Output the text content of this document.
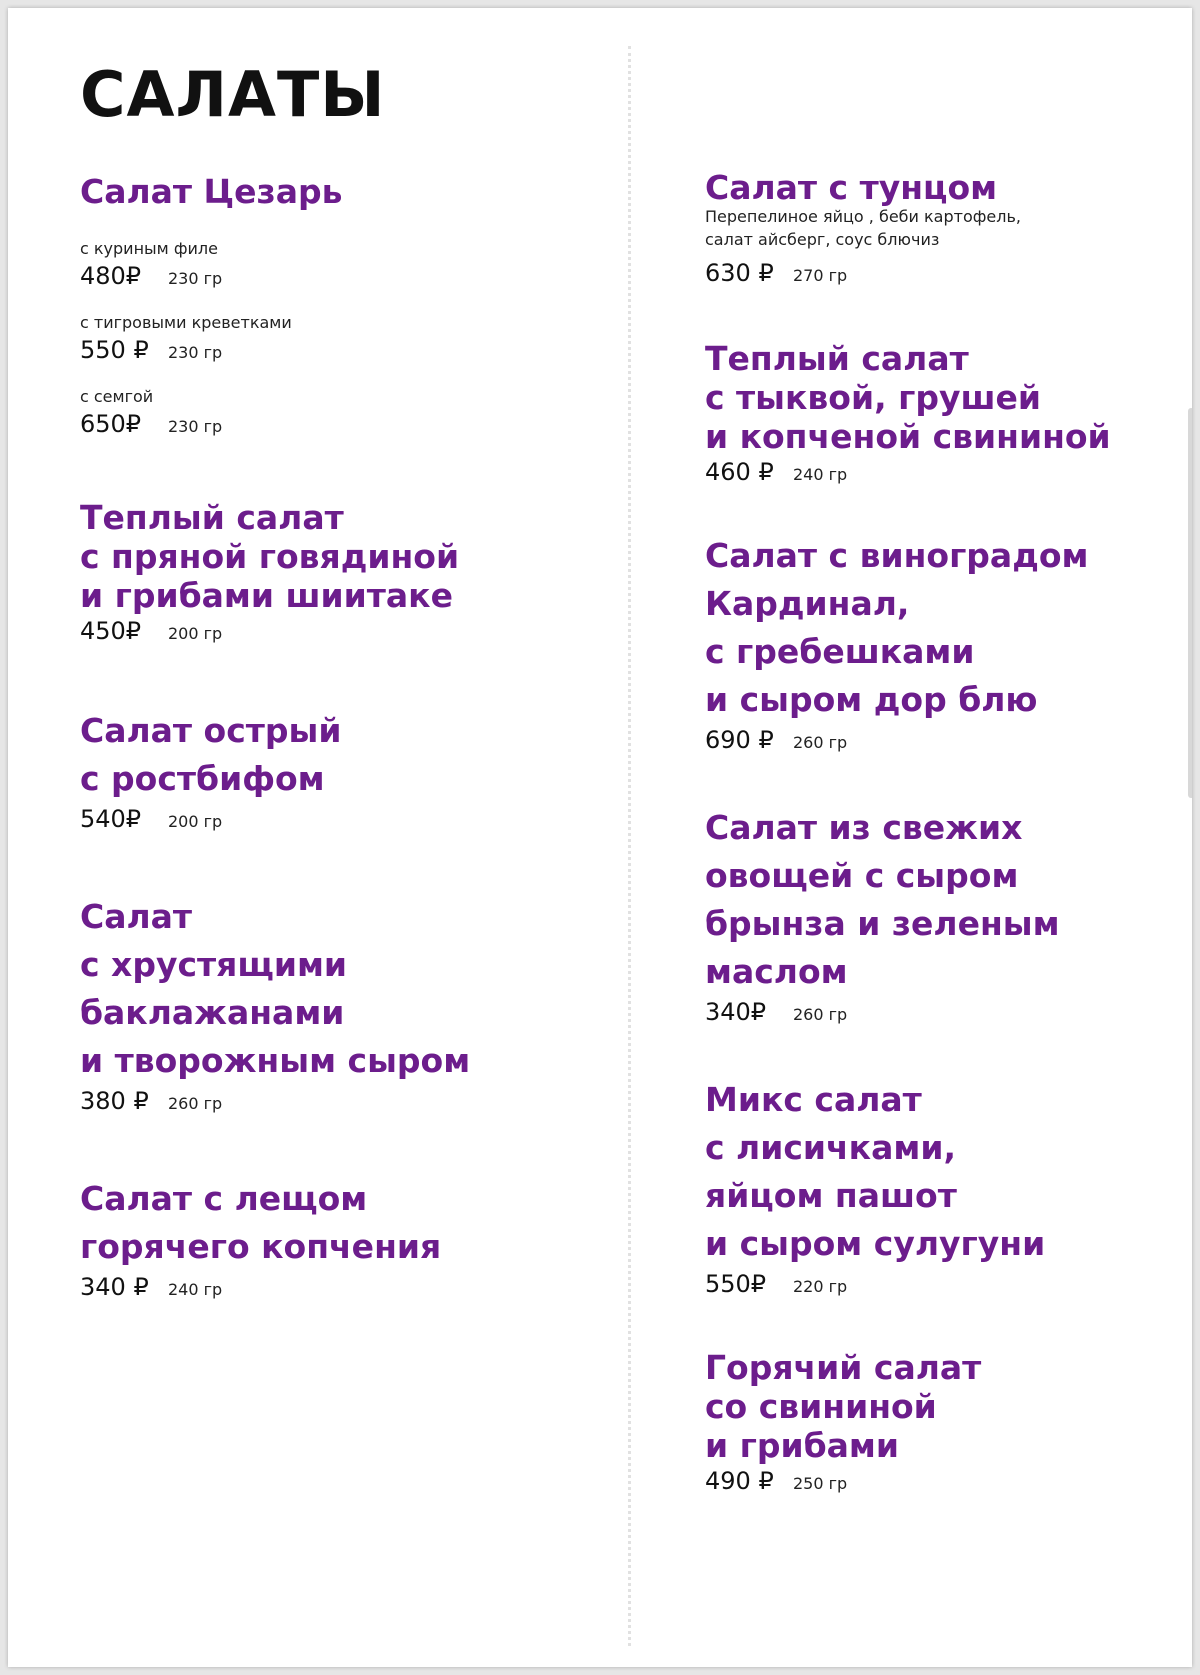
САЛАТЫ
Салат Цезарь

с куриным филе

480₽	230 гр

с тигровыми креветками

550 ₽	230 гр

с семгой

650₽	230 гр
Теплый салат
с пряной говядиной
и грибами шиитаке
450₽	200 гр
Салат острый
с ростбифом
540₽	200 гр
Салат
с хрустящими
баклажанами
и творожным сыром
380 ₽	260 гр
Салат с лещом
горячего копчения
340 ₽	240 гр
Салат с тунцом

Перепелиное яйцо , беби картофель,
салат айсберг, соус блючиз

630 ₽	270 гр
Теплый салат
с тыквой, грушей
и копченой свининой
460 ₽	240 гр
Салат с виноградом
Кардинал,
с гребешками
и сыром дор блю
690 ₽	260 гр
Салат из свежих
овощей с сыром
брынза и зеленым
маслом
340₽	260 гр
Микс салат
с лисичками,
яйцом пашот
и сыром сулугуни
550₽	220 гр
Горячий салат
со свининой
и грибами
490 ₽	250 гр
